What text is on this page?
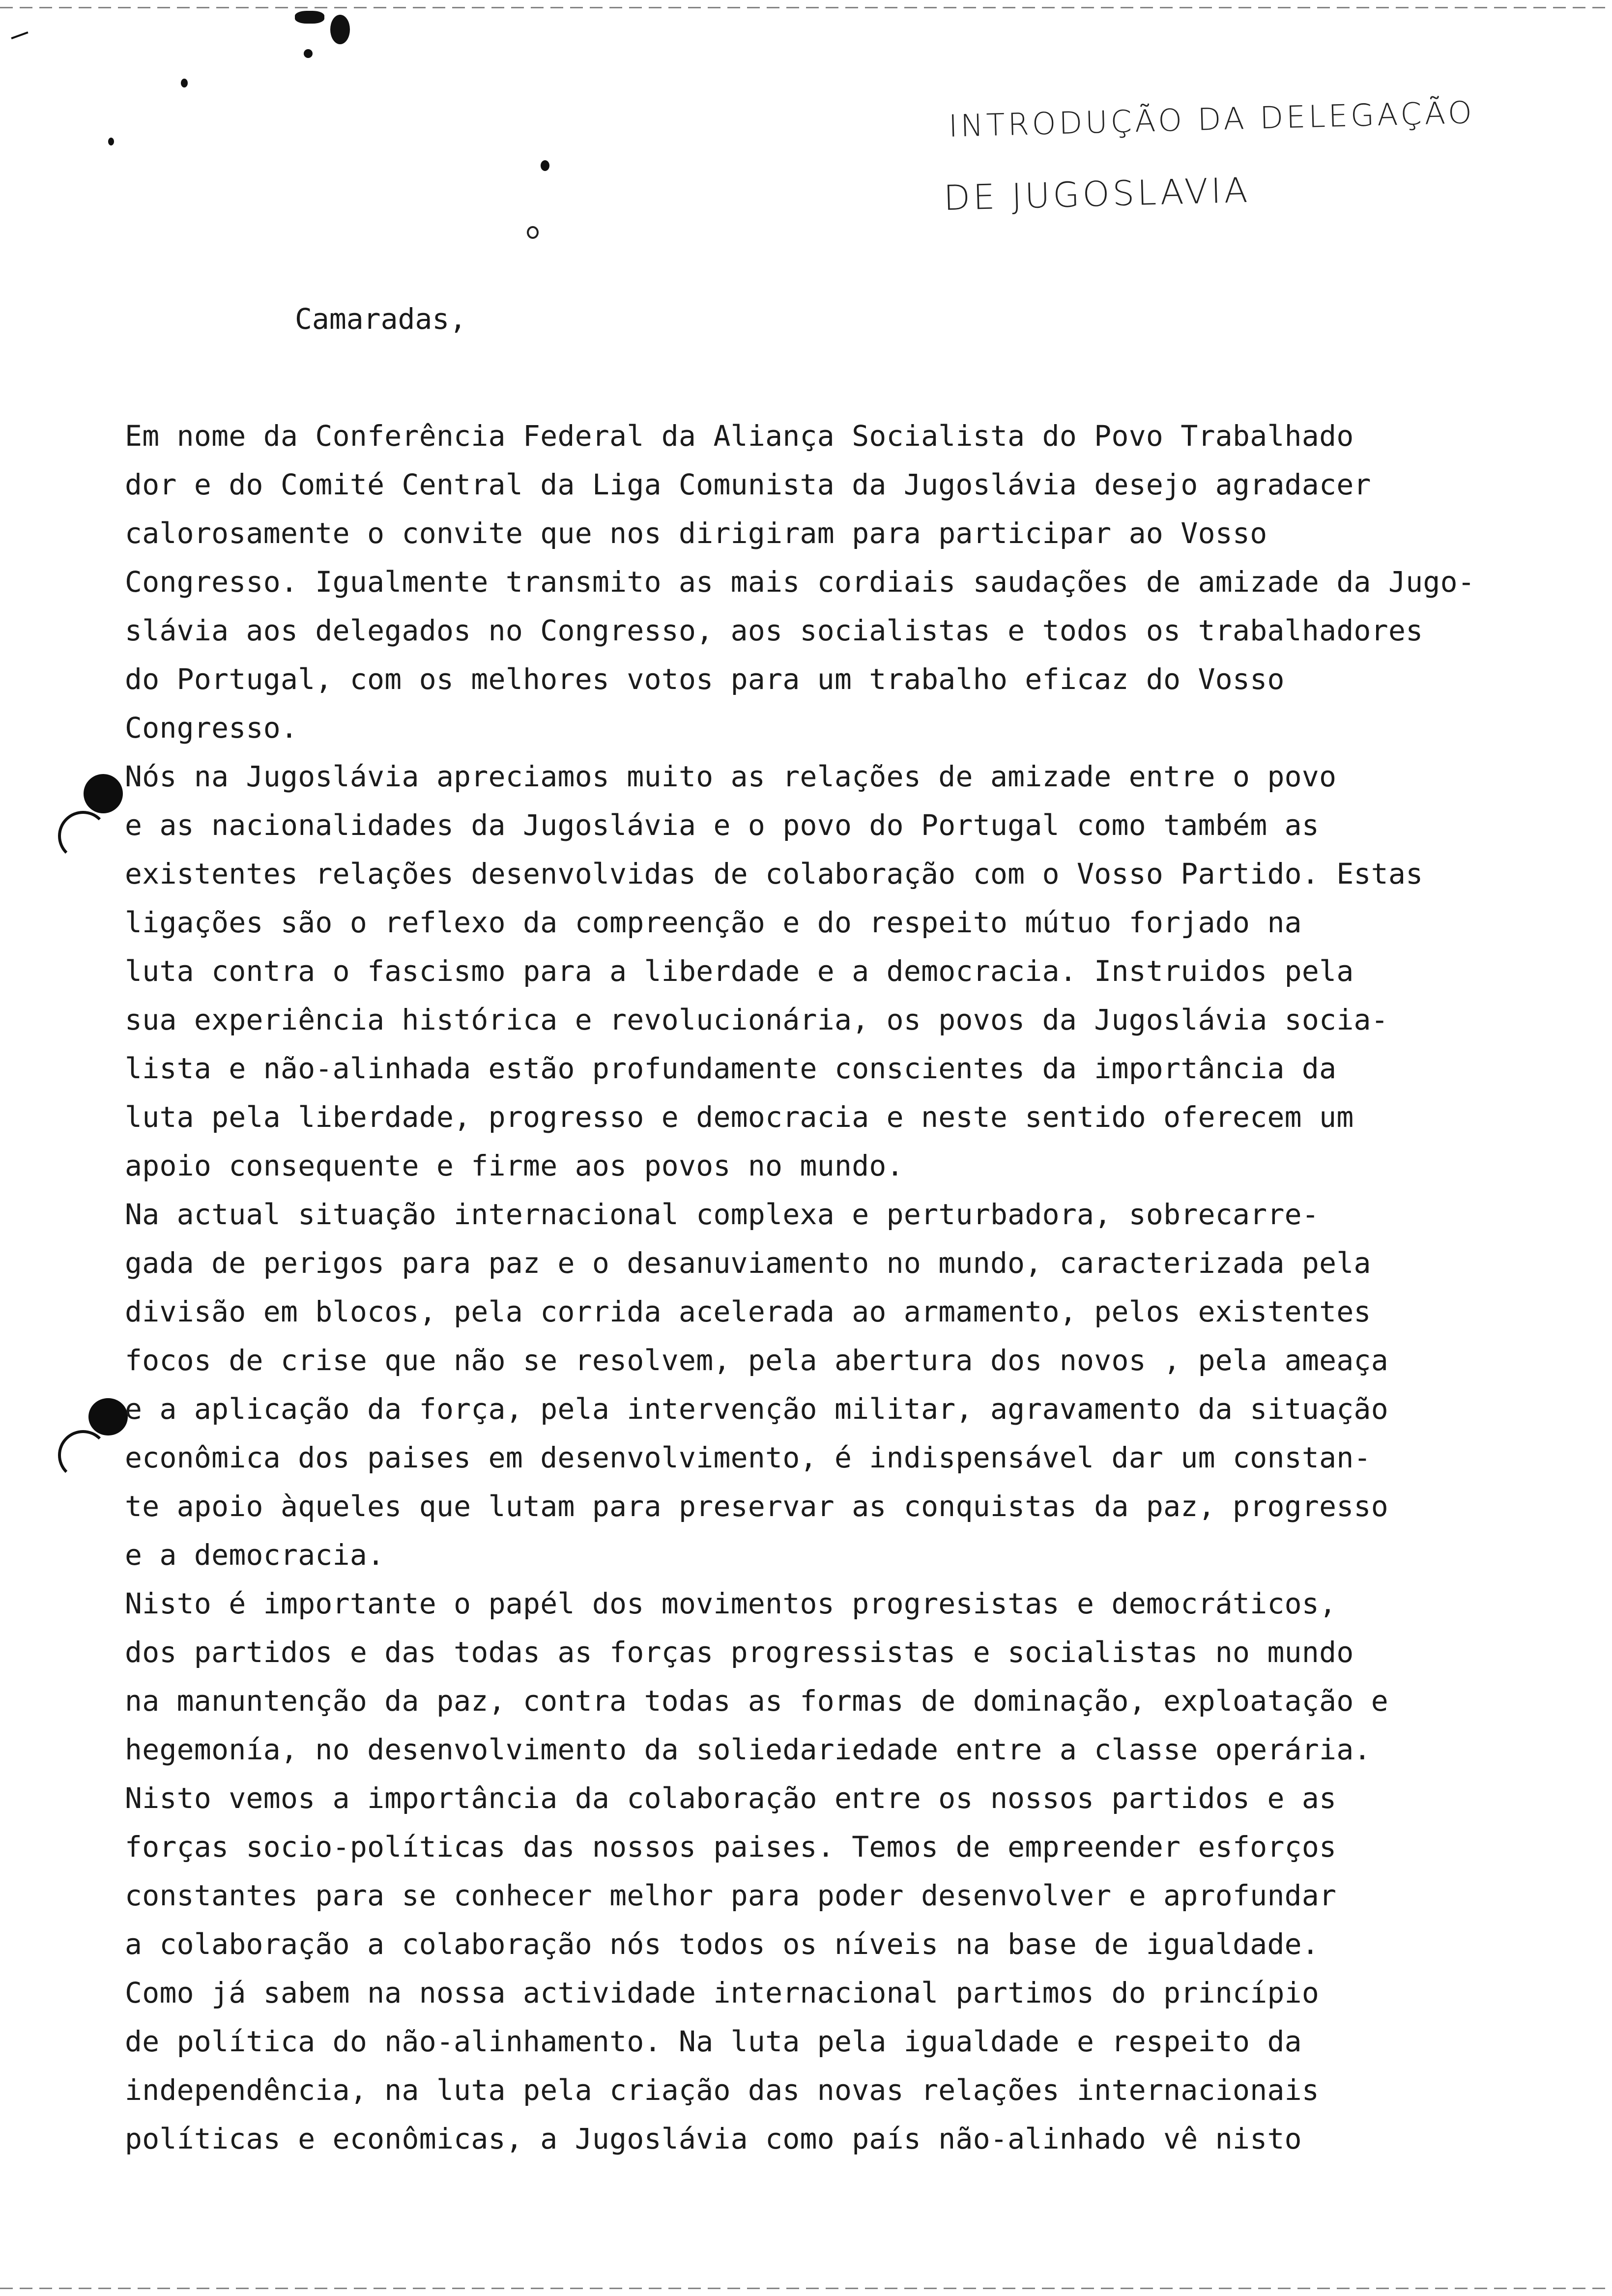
INTRODUÇÃO DA DELEGAÇÃO
DE JUGOSLAVIA
Camaradas,
Em nome da Conferência Federal da Aliança Socialista do Povo Trabalhado
dor e do Comité Central da Liga Comunista da Jugoslávia desejo agradacer
calorosamente o convite que nos dirigiram para participar ao Vosso
Congresso. Igualmente transmito as mais cordiais saudações de amizade da Jugo-
slávia aos delegados no Congresso, aos socialistas e todos os trabalhadores
do Portugal, com os melhores votos para um trabalho eficaz do Vosso
Congresso.
Nós na Jugoslávia apreciamos muito as relações de amizade entre o povo
e as nacionalidades da Jugoslávia e o povo do Portugal como também as
existentes relações desenvolvidas de colaboração com o Vosso Partido. Estas
ligações são o reflexo da compreenção e do respeito mútuo forjado na
luta contra o fascismo para a liberdade e a democracia. Instruidos pela
sua experiência histórica e revolucionária, os povos da Jugoslávia socia-
lista e não-alinhada estão profundamente conscientes da importância da
luta pela liberdade, progresso e democracia e neste sentido oferecem um
apoio consequente e firme aos povos no mundo.
Na actual situação internacional complexa e perturbadora, sobrecarre-
gada de perigos para paz e o desanuviamento no mundo, caracterizada pela
divisão em blocos, pela corrida acelerada ao armamento, pelos existentes
focos de crise que não se resolvem, pela abertura dos novos , pela ameaça
e a aplicação da força, pela intervenção militar, agravamento da situação
econômica dos paises em desenvolvimento, é indispensável dar um constan-
te apoio àqueles que lutam para preservar as conquistas da paz, progresso
e a democracia.
Nisto é importante o papél dos movimentos progresistas e democráticos,
dos partidos e das todas as forças progressistas e socialistas no mundo
na manuntenção da paz, contra todas as formas de dominação, exploatação e
hegemonía, no desenvolvimento da soliedariedade entre a classe operária.
Nisto vemos a importância da colaboração entre os nossos partidos e as
forças socio-políticas das nossos paises. Temos de empreender esforços
constantes para se conhecer melhor para poder desenvolver e aprofundar
a colaboração a colaboração nós todos os níveis na base de igualdade.
Como já sabem na nossa actividade internacional partimos do princípio
de política do não-alinhamento. Na luta pela igualdade e respeito da
independência, na luta pela criação das novas relações internacionais
políticas e econômicas, a Jugoslávia como país não-alinhado vê nisto
